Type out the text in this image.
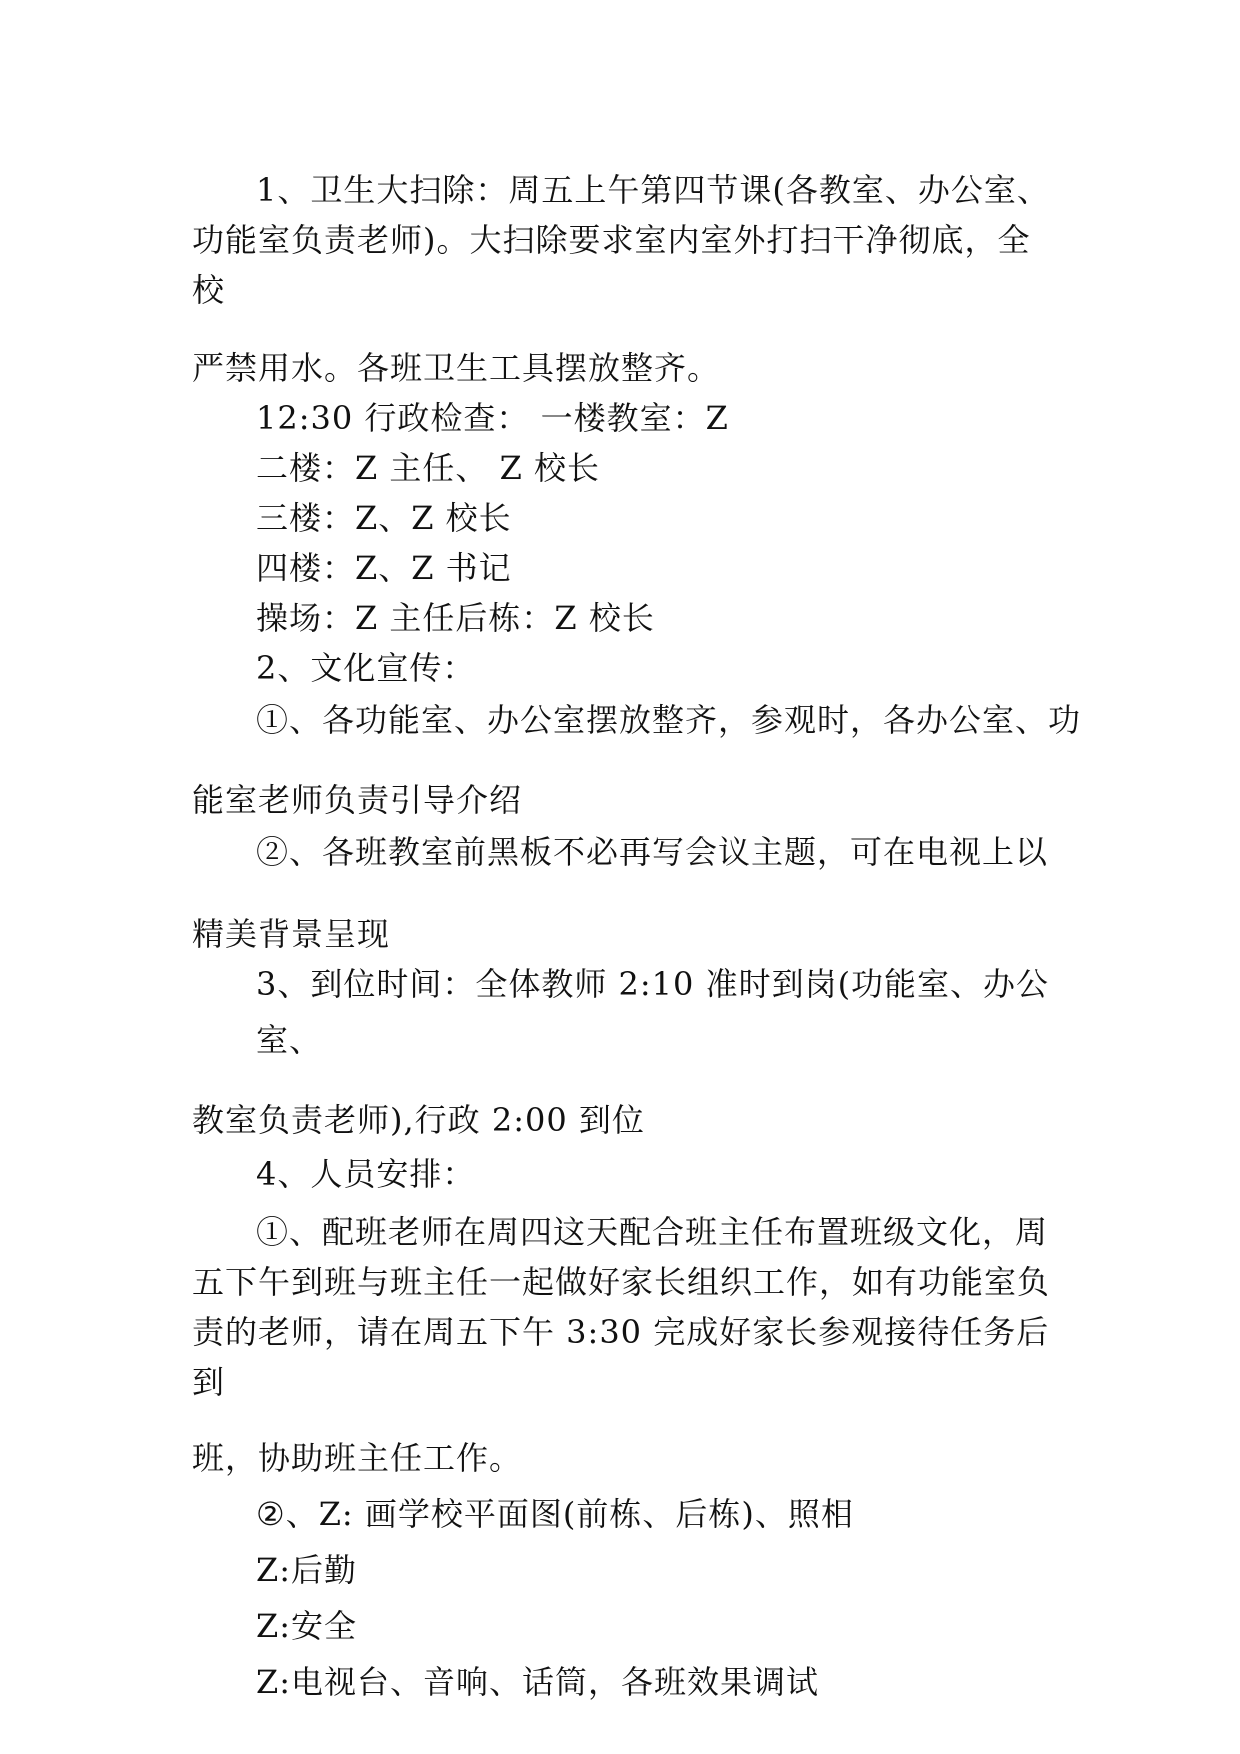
1、卫生大扫除：周五上午第四节课(各教室、办公室、
功能室负责老师)。大扫除要求室内室外打扫干净彻底，全
校
严禁用水。各班卫生工具摆放整齐。
12:30 行政检查： 一楼教室：Z
二楼：Z 主任、 Z 校长
三楼：Z、Z 校长
四楼：Z、Z 书记
操场：Z 主任后栋：Z 校长
2、文化宣传：
①、各功能室、办公室摆放整齐，参观时，各办公室、功
能室老师负责引导介绍
②、各班教室前黑板不必再写会议主题，可在电视上以
精美背景呈现
3、到位时间：全体教师 2:10 准时到岗(功能室、办公
室、
教室负责老师),行政 2:00 到位
4、人员安排：
①、配班老师在周四这天配合班主任布置班级文化，周
五下午到班与班主任一起做好家长组织工作，如有功能室负
责的老师，请在周五下午 3:30 完成好家长参观接待任务后
到
班，协助班主任工作。
②、Z: 画学校平面图(前栋、后栋)、照相
Z:后勤
Z:安全
Z:电视台、音响、话筒，各班效果调试
